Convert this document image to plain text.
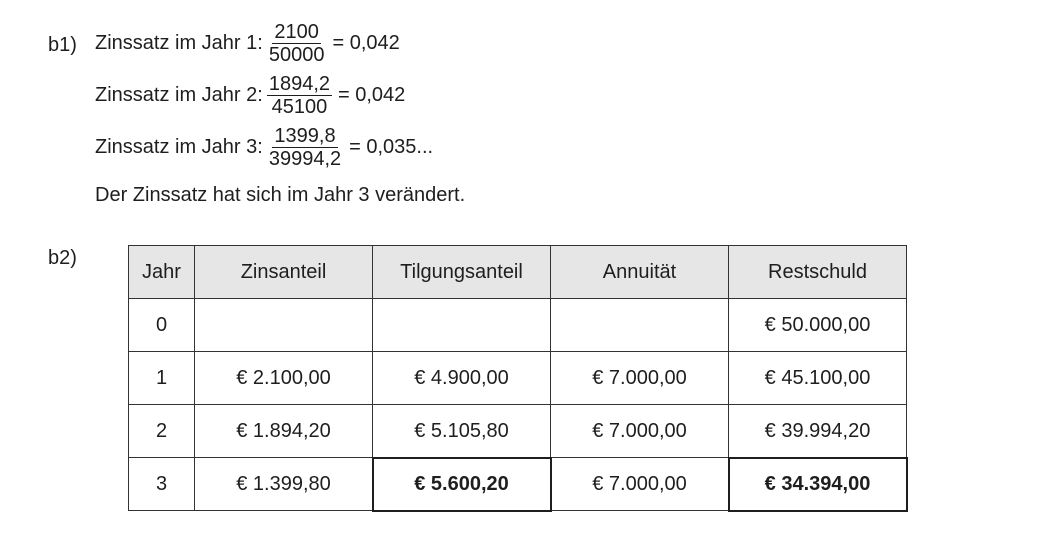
b1) Zinssatz im Jahr 1: $\frac{2100}{50000} = 0,042$
Zinssatz im Jahr 2: $\frac{1894,2}{45100} = 0,042$
Zinssatz im Jahr 3: $\frac{1399,8}{39994,2} = 0,035$...
Der Zinssatz hat sich im Jahr 3 verändert.
b2)
Jahr	Zinsanteil	Tilgungsanteil	Annuität	Restschuld
0				€ 50.000,00
1	€ 2.100,00	€ 4.900,00	€ 7.000,00	€ 45.100,00
2	€ 1.894,20	€ 5.105,80	€ 7.000,00	€ 39.994,20
3	€ 1.399,80	€ 5.600,20	€ 7.000,00	€ 34.394,00
